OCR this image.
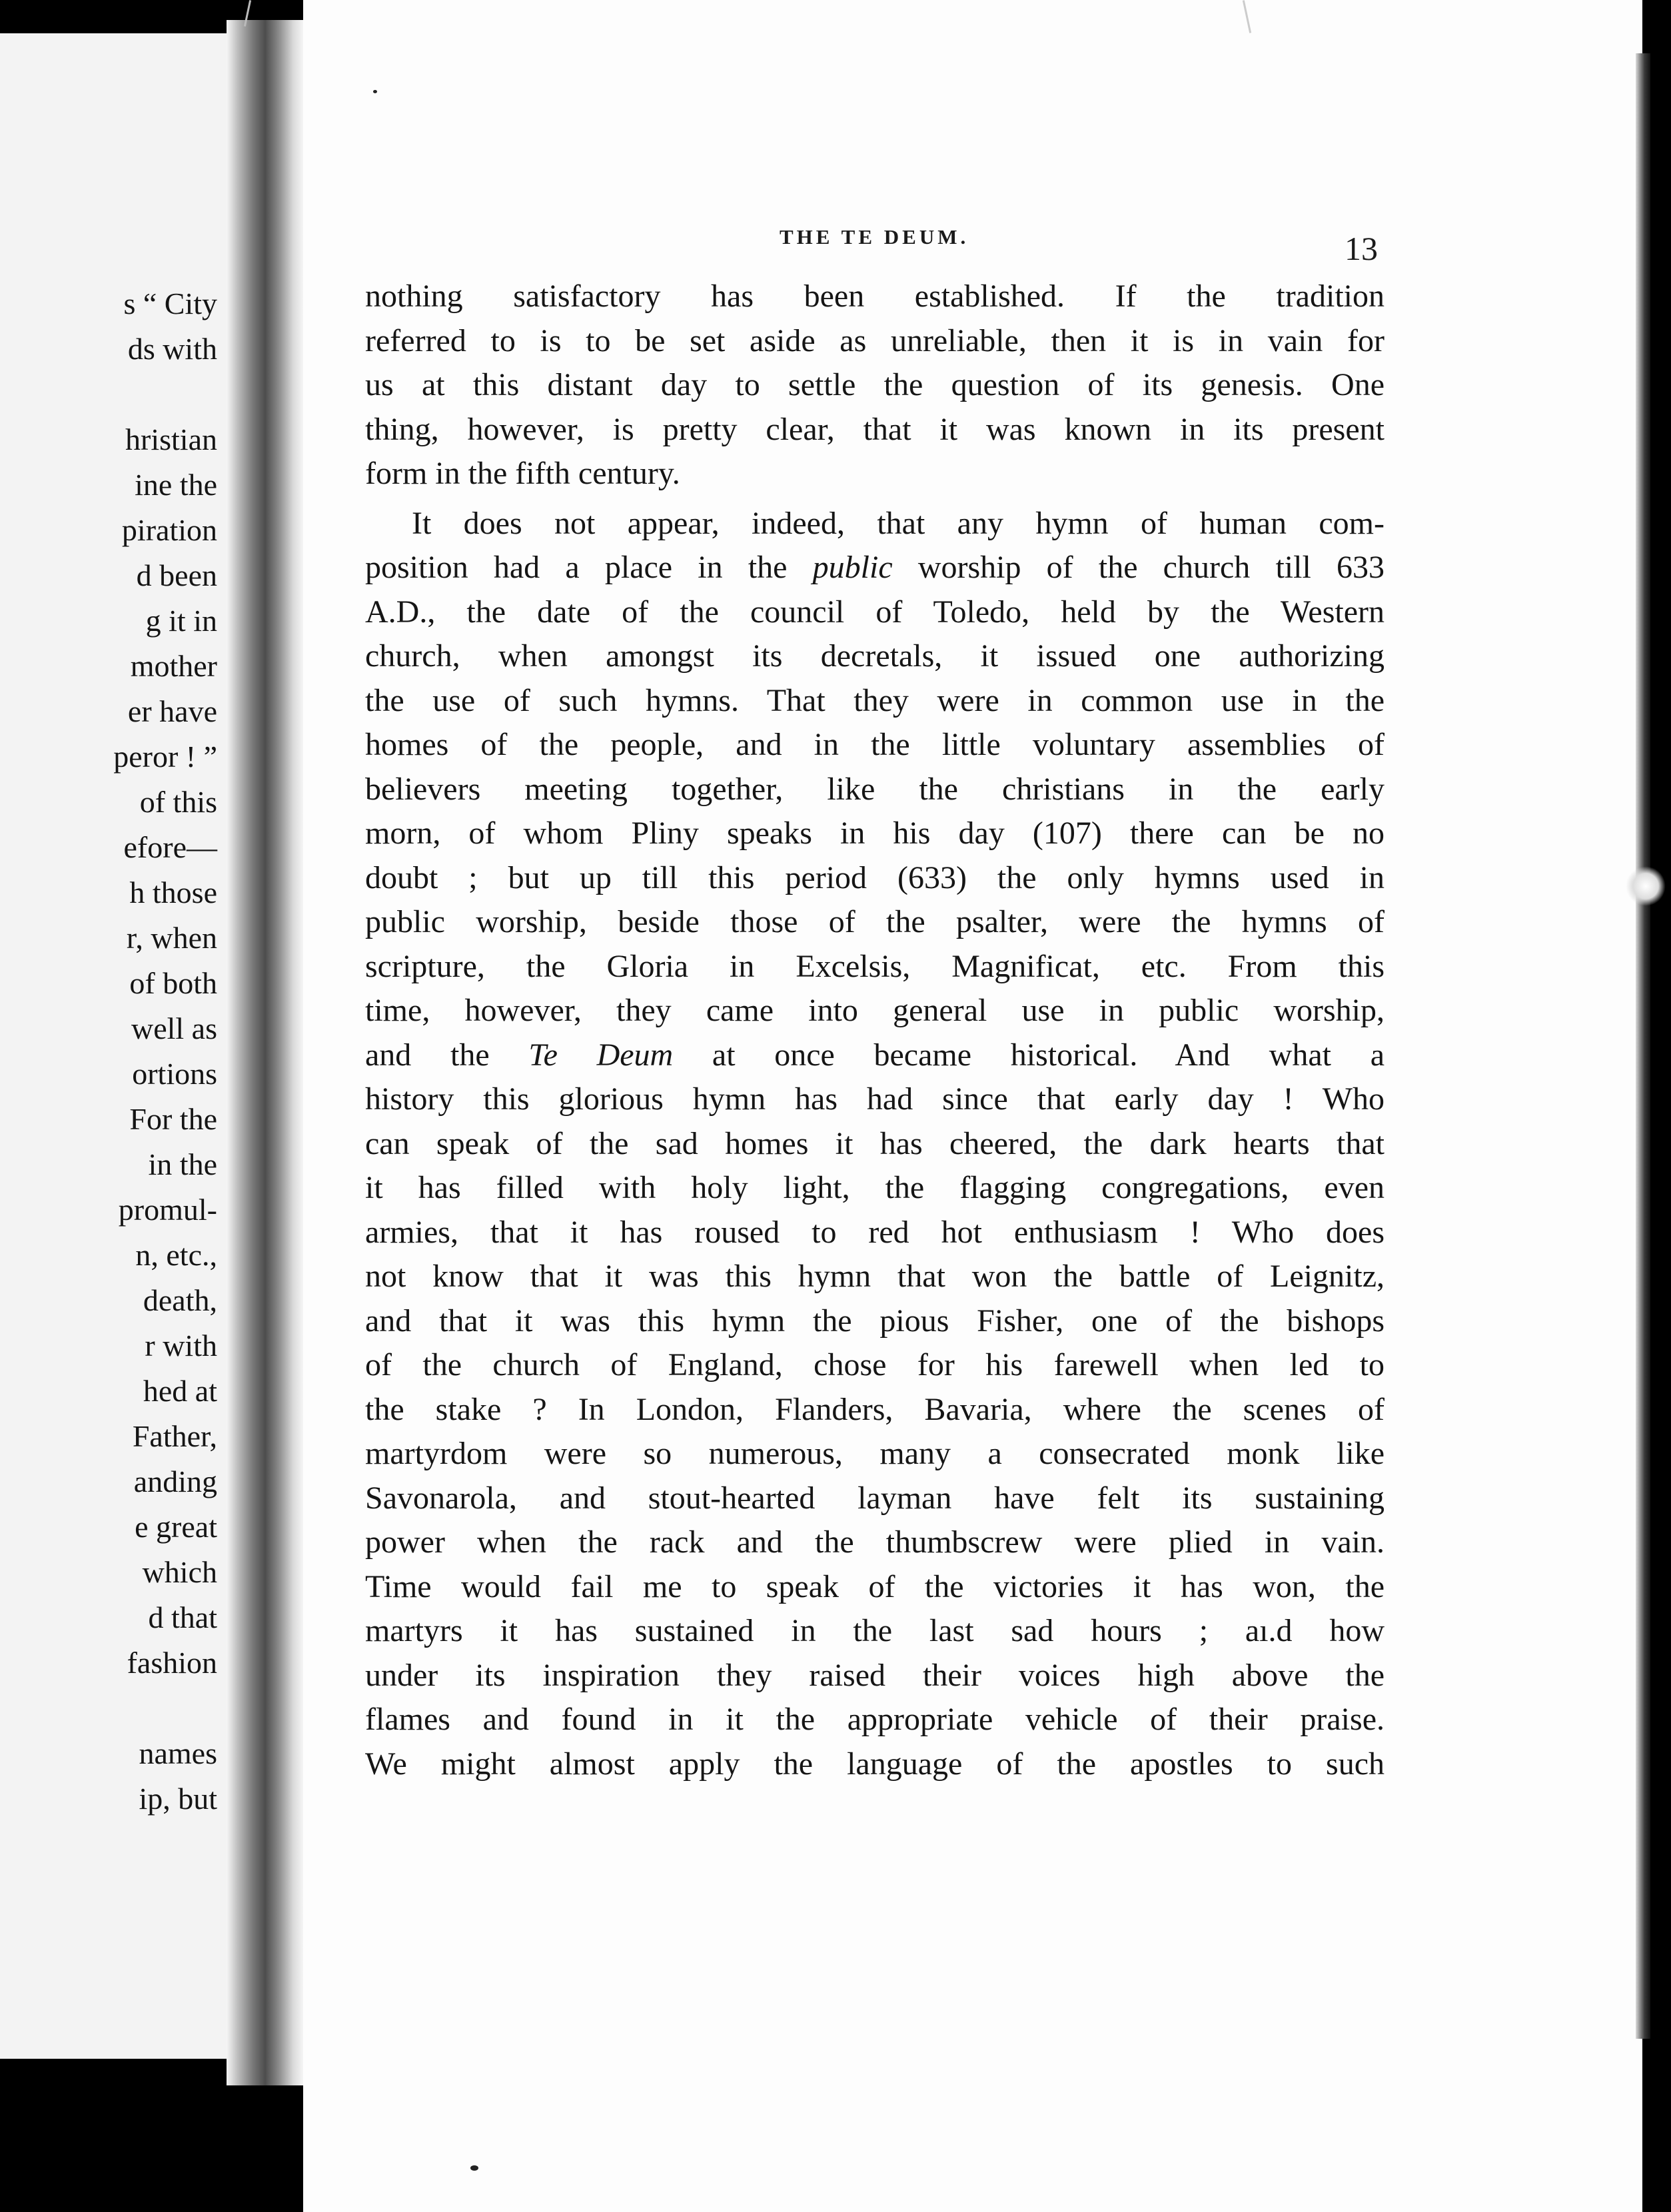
s “ City
ds with
hristian
ine the
piration
d been
g it in
mother
er have
peror ! ”
of this
efore—
h those
r, when
of both
well as
ortions
For the
in the
promul-
n, etc.,
death,
r with
hed at
Father,
anding
e great
which
d that
fashion
names
ip, but
THE TE DEUM.	13
nothing satisfactory has been established. If the tradition
referred to is to be set aside as unreliable, then it is in vain for
us at this distant day to settle the question of its genesis. One
thing, however, is pretty clear, that it was known in its present
form in the fifth century.
It does not appear, indeed, that any hymn of human com-
position had a place in the public worship of the church till 633
A.D., the date of the council of Toledo, held by the Western
church, when amongst its decretals, it issued one authorizing
the use of such hymns. That they were in common use in the
homes of the people, and in the little voluntary assemblies of
believers meeting together, like the christians in the early
morn, of whom Pliny speaks in his day (107) there can be no
doubt ; but up till this period (633) the only hymns used in
public worship, beside those of the psalter, were the hymns of
scripture, the Gloria in Excelsis, Magnificat, etc. From this
time, however, they came into general use in public worship,
and the Te Deum at once became historical. And what a
history this glorious hymn has had since that early day ! Who
can speak of the sad homes it has cheered, the dark hearts that
it has filled with holy light, the flagging congregations, even
armies, that it has roused to red hot enthusiasm ! Who does
not know that it was this hymn that won the battle of Leignitz,
and that it was this hymn the pious Fisher, one of the bishops
of the church of England, chose for his farewell when led to
the stake ? In London, Flanders, Bavaria, where the scenes of
martyrdom were so numerous, many a consecrated monk like
Savonarola, and stout-hearted layman have felt its sustaining
power when the rack and the thumbscrew were plied in vain.
Time would fail me to speak of the victories it has won, the
martyrs it has sustained in the last sad hours ; aı.d how
under its inspiration they raised their voices high above the
flames and found in it the appropriate vehicle of their praise.
We might almost apply the language of the apostles to such
